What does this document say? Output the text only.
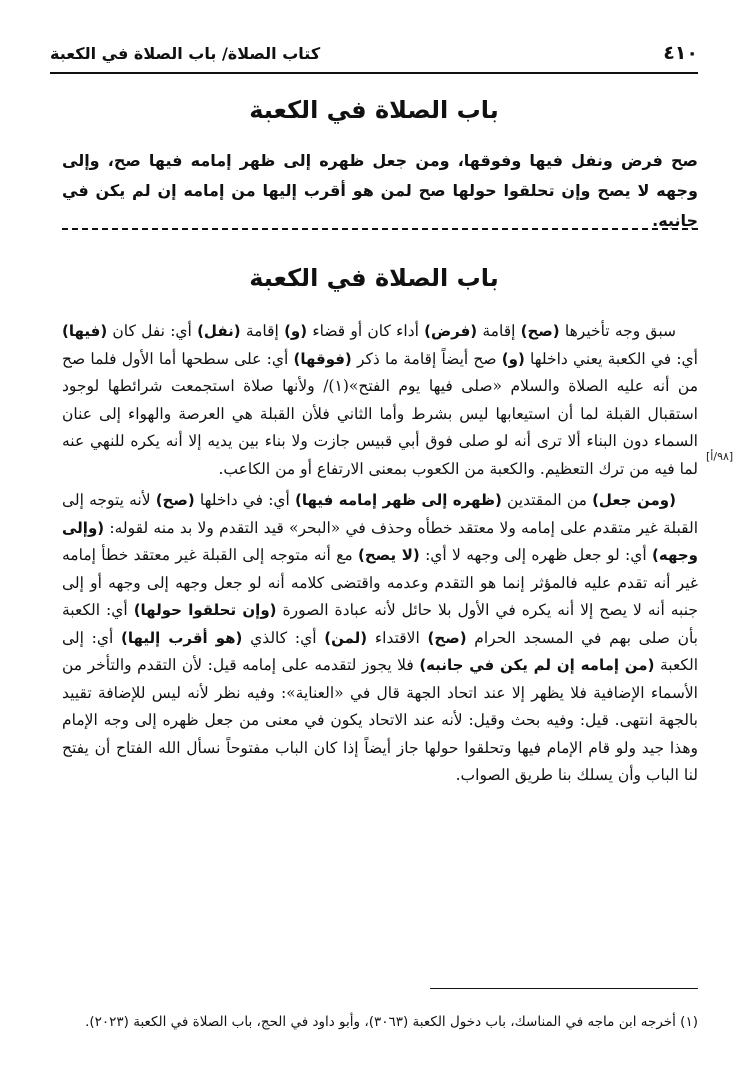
٤١٠
كتاب الصلاة/ باب الصلاة في الكعبة
باب الصلاة في الكعبة
صح فرض ونفل فيها وفوقها، ومن جعل ظهره إلى ظهر إمامه فيها صح، وإلى وجهه لا يصح وإن تحلقوا حولها صح لمن هو أقرب إليها من إمامه إن لم يكن في جانبه.
باب الصلاة في الكعبة
[٩٨/أ]

سبق وجه تأخيرها (صح) إقامة (فرض) أداء كان أو قضاء (و) إقامة (نفل) أي: نفل كان (فيها) أي: في الكعبة يعني داخلها (و) صح أيضاً إقامة ما ذكر (فوقها) أي: على سطحها أما الأول فلما صح من أنه عليه الصلاة والسلام «صلى فيها يوم الفتح»(١)/ ولأنها صلاة استجمعت شرائطها لوجود استقبال القبلة لما أن استيعابها ليس بشرط وأما الثاني فلأن القبلة هي العرصة والهواء إلى عنان السماء دون البناء ألا ترى أنه لو صلى فوق أبي قبيس جازت ولا بناء بين يديه إلا أنه يكره للنهي عنه لما فيه من ترك التعظيم. والكعبة من الكعوب بمعنى الارتفاع أو من الكاعب.

(ومن جعل) من المقتدين (ظهره إلى ظهر إمامه فيها) أي: في داخلها (صح) لأنه يتوجه إلى القبلة غير متقدم على إمامه ولا معتقد خطأه وحذف في «البحر» قيد التقدم ولا بد منه لقوله: (وإلى وجهه) أي: لو جعل ظهره إلى وجهه لا أي: (لا يصح) مع أنه متوجه إلى القبلة غير معتقد خطأ إمامه غير أنه تقدم عليه فالمؤثر إنما هو التقدم وعدمه واقتضى كلامه أنه لو جعل وجهه إلى وجهه أو إلى جنبه أنه لا يصح إلا أنه يكره في الأول بلا حائل لأنه عبادة الصورة (وإن تحلقوا حولها) أي: الكعبة بأن صلى بهم في المسجد الحرام (صح) الاقتداء (لمن) أي: كالذي (هو أقرب إليها) أي: إلى الكعبة (من إمامه إن لم يكن في جانبه) فلا يجوز لتقدمه على إمامه قيل: لأن التقدم والتأخر من الأسماء الإضافية فلا يظهر إلا عند اتحاد الجهة قال في «العناية»: وفيه نظر لأنه ليس للإضافة تقييد بالجهة انتهى. قيل: وفيه بحث وقيل: لأنه عند الاتحاد يكون في معنى من جعل ظهره إلى وجه الإمام وهذا جيد ولو قام الإمام فيها وتحلقوا حولها جاز أيضاً إذا كان الباب مفتوحاً نسأل الله الفتاح أن يفتح لنا الباب وأن يسلك بنا طريق الصواب.

(١) أخرجه ابن ماجه في المناسك، باب دخول الكعبة (٣٠٦٣)، وأبو داود في الحج، باب الصلاة في الكعبة (٢٠٢٣).
